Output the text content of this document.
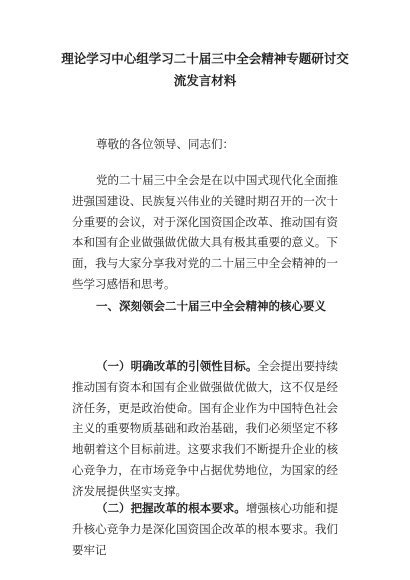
理论学习中心组学习二十届三中全会精神专题研讨交流发言材料
尊敬的各位领导、同志们：
党的二十届三中全会是在以中国式现代化全面推进强国建设、民族复兴伟业的关键时期召开的一次十分重要的会议，对于深化国资国企改革、推动国有资本和国有企业做强做优做大具有极其重要的意义。下面，我与大家分享我对党的二十届三中全会精神的一些学习感悟和思考。
一、深刻领会二十届三中全会精神的核心要义
（一）明确改革的引领性目标。全会提出要持续推动国有资本和国有企业做强做优做大，这不仅是经济任务，更是政治使命。国有企业作为中国特色社会主义的重要物质基础和政治基础，我们必须坚定不移地朝着这个目标前进。这要求我们不断提升企业的核心竞争力，在市场竞争中占据优势地位，为国家的经济发展提供坚实支撑。
（二）把握改革的根本要求。增强核心功能和提升核心竞争力是深化国资国企改革的根本要求。我们要牢记
